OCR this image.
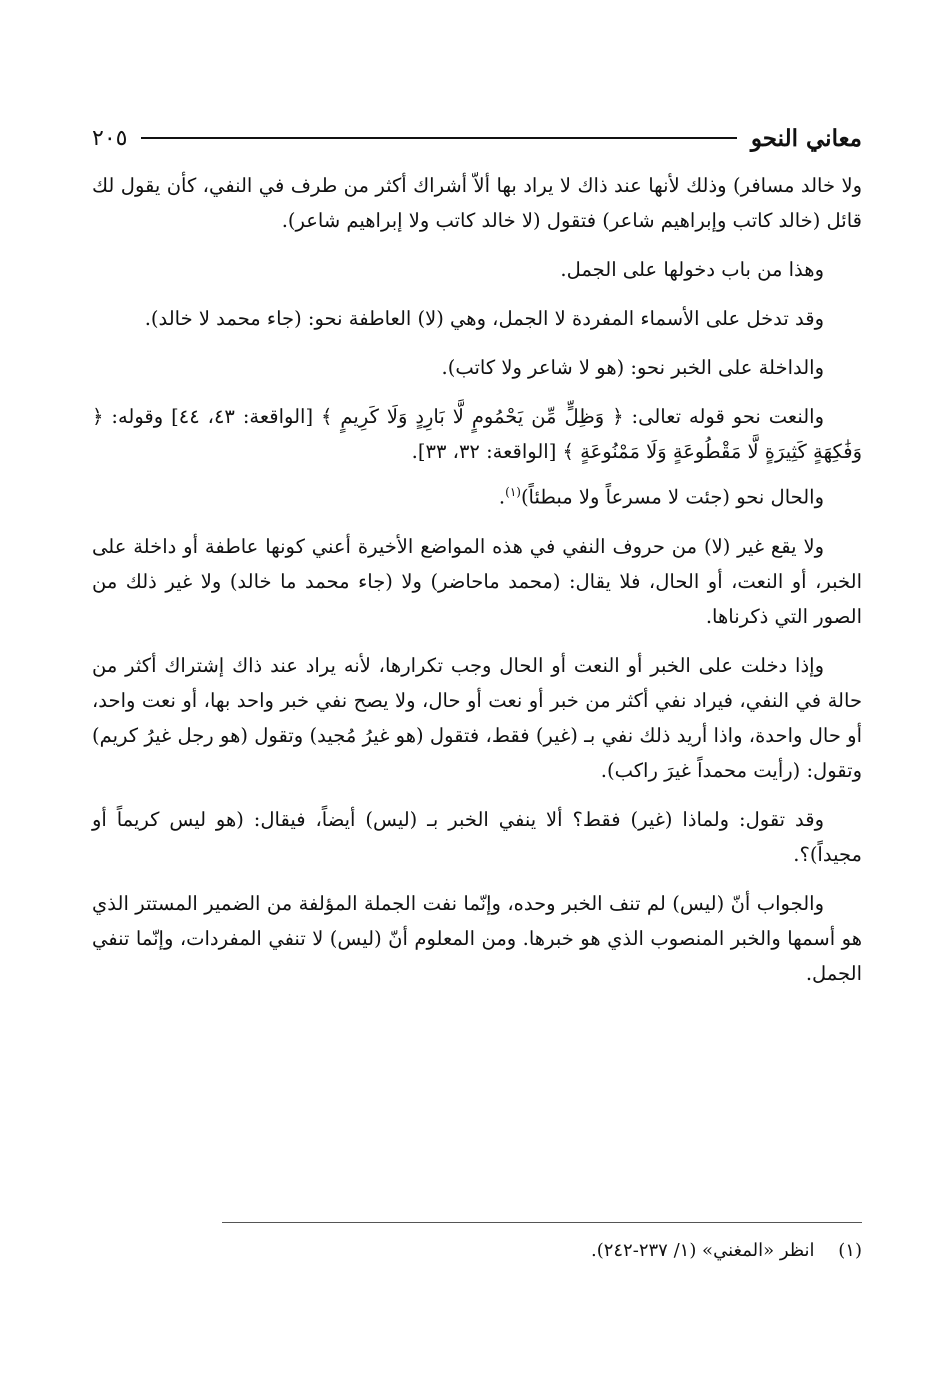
معاني النحو
٢٠٥

ولا خالد مسافر) وذلك لأنها عند ذاك لا يراد بها ألاّ أشراك أكثر من طرف في النفي، كأن يقول لك قائل (خالد كاتب وإبراهيم شاعر) فتقول (لا خالد كاتب ولا إبراهيم شاعر).

وهذا من باب دخولها على الجمل.

وقد تدخل على الأسماء المفردة لا الجمل، وهي (لا) العاطفة نحو: (جاء محمد لا خالد).

والداخلة على الخبر نحو: (هو لا شاعر ولا كاتب).

والنعت نحو قوله تعالى: ﴿ وَظِلٍّ مِّن يَحْمُومٍ لَّا بَارِدٍ وَلَا كَرِيمٍ ﴾ [الواقعة: ٤٣، ٤٤] وقوله: ﴿ وَفَٰكِهَةٍ كَثِيرَةٍ لَّا مَقْطُوعَةٍ وَلَا مَمْنُوعَةٍ ﴾ [الواقعة: ٣٢، ٣٣].

والحال نحو (جئت لا مسرعاً ولا مبطئاً)$^{(١)}$.

ولا يقع غير (لا) من حروف النفي في هذه المواضع الأخيرة أعني كونها عاطفة أو داخلة على الخبر، أو النعت، أو الحال، فلا يقال: (محمد ماحاضر) ولا (جاء محمد ما خالد) ولا غير ذلك من الصور التي ذكرناها.

وإذا دخلت على الخبر أو النعت أو الحال وجب تكرارها، لأنه يراد عند ذاك إشتراك أكثر من حالة في النفي، فيراد نفي أكثر من خبر أو نعت أو حال، ولا يصح نفي خبر واحد بها، أو نعت واحد، أو حال واحدة، واذا أريد ذلك نفي بـ (غير) فقط، فتقول (هو غيرُ مُجيد) وتقول (هو رجل غيرُ كريم) وتقول: (رأيت محمداً غيرَ راكب).

وقد تقول: ولماذا (غير) فقط؟ ألا ينفي الخبر بـ (ليس) أيضاً، فيقال: (هو ليس كريماً أو مجيداً)؟.

والجواب أنّ (ليس) لم تنف الخبر وحده، وإنّما نفت الجملة المؤلفة من الضمير المستتر الذي هو أسمها والخبر المنصوب الذي هو خبرها. ومن المعلوم أنّ (ليس) لا تنفي المفردات، وإنّما تنفي الجمل.

(١) انظر «المغني» (١/ ٢٣٧-٢٤٢).
